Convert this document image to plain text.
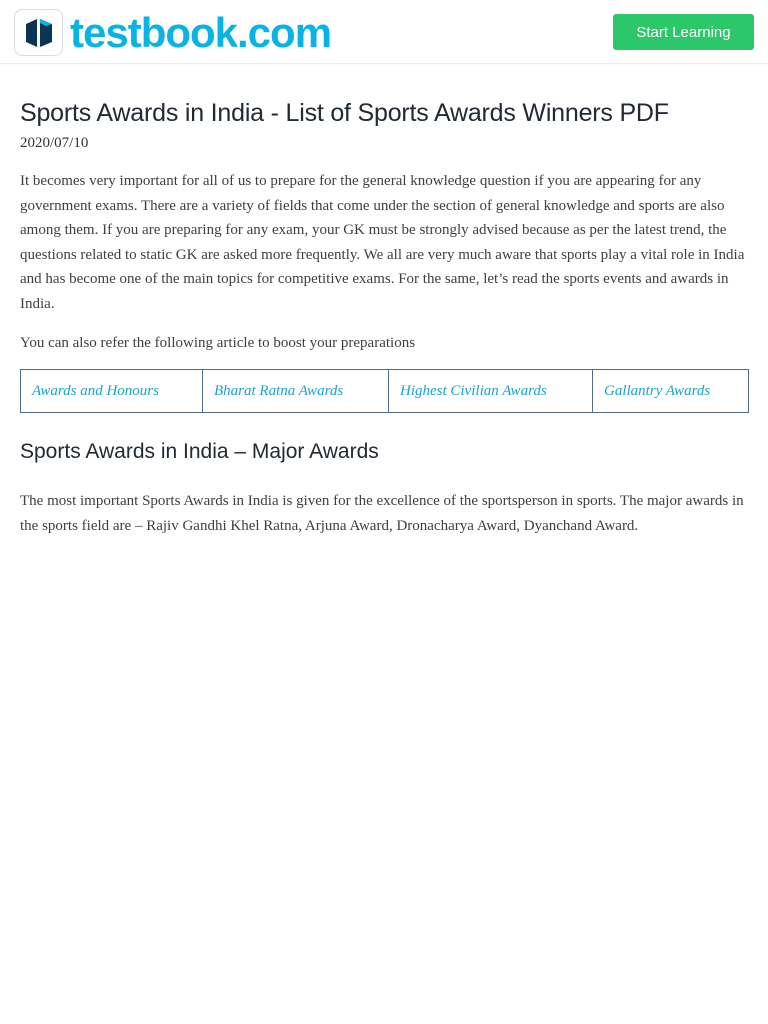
testbook.com	Start Learning
Sports Awards in India - List of Sports Awards Winners PDF
2020/07/10

It becomes very important for all of us to prepare for the general knowledge question if you are appearing for any government exams. There are a variety of fields that come under the section of general knowledge and sports are also among them. If you are preparing for any exam, your GK must be strongly advised because as per the latest trend, the questions related to static GK are asked more frequently. We all are very much aware that sports play a vital role in India and has become one of the main topics for competitive exams. For the same, let’s read the sports events and awards in India.

You can also refer the following article to boost your preparations

Awards and Honours	Bharat Ratna Awards	Highest Civilian Awards	Gallantry Awards
Sports Awards in India – Major Awards

The most important Sports Awards in India is given for the excellence of the sportsperson in sports. The major awards in the sports field are – Rajiv Gandhi Khel Ratna, Arjuna Award, Dronacharya Award, Dyanchand Award.
